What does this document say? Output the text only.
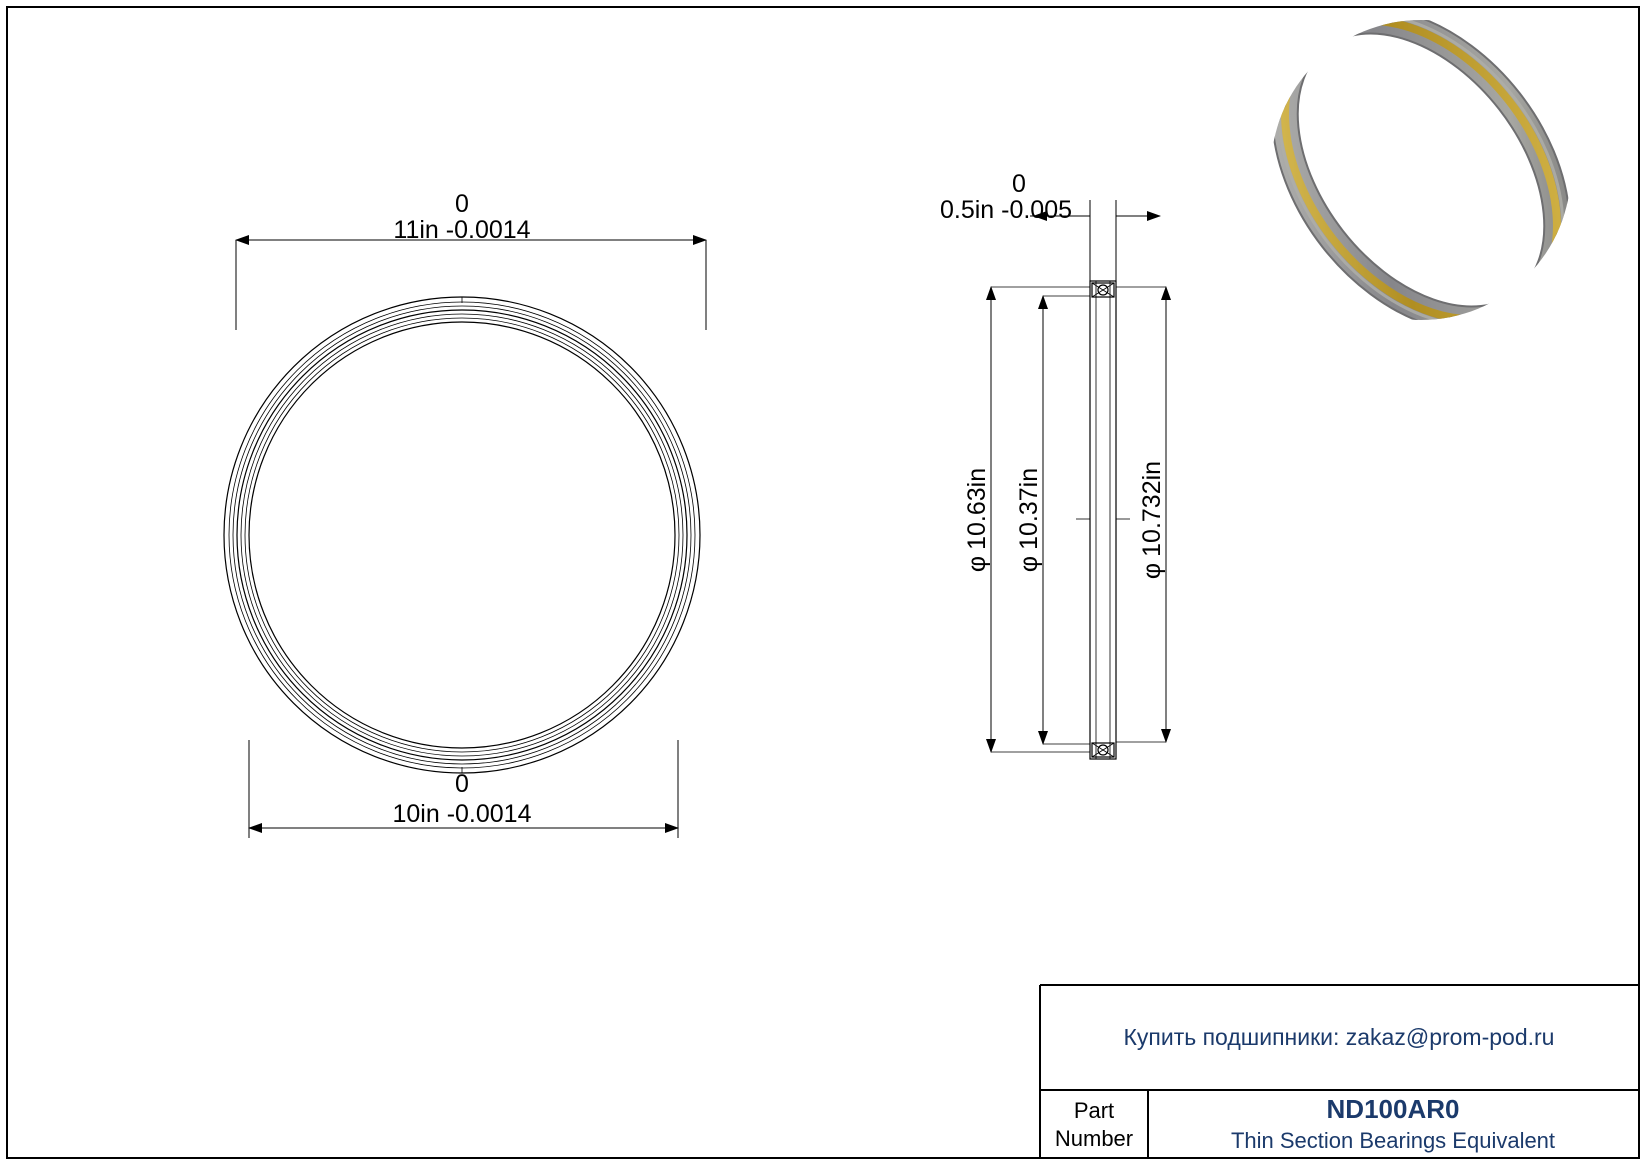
0
11in -0.0014
0
10in -0.0014
0
0.5in -0.005
φ10.63in
φ10.37in
φ10.732in
Купить подшипники: zakaz@prom-pod.ru
Part
Number
ND100AR0
Thin Section Bearings Equivalent
